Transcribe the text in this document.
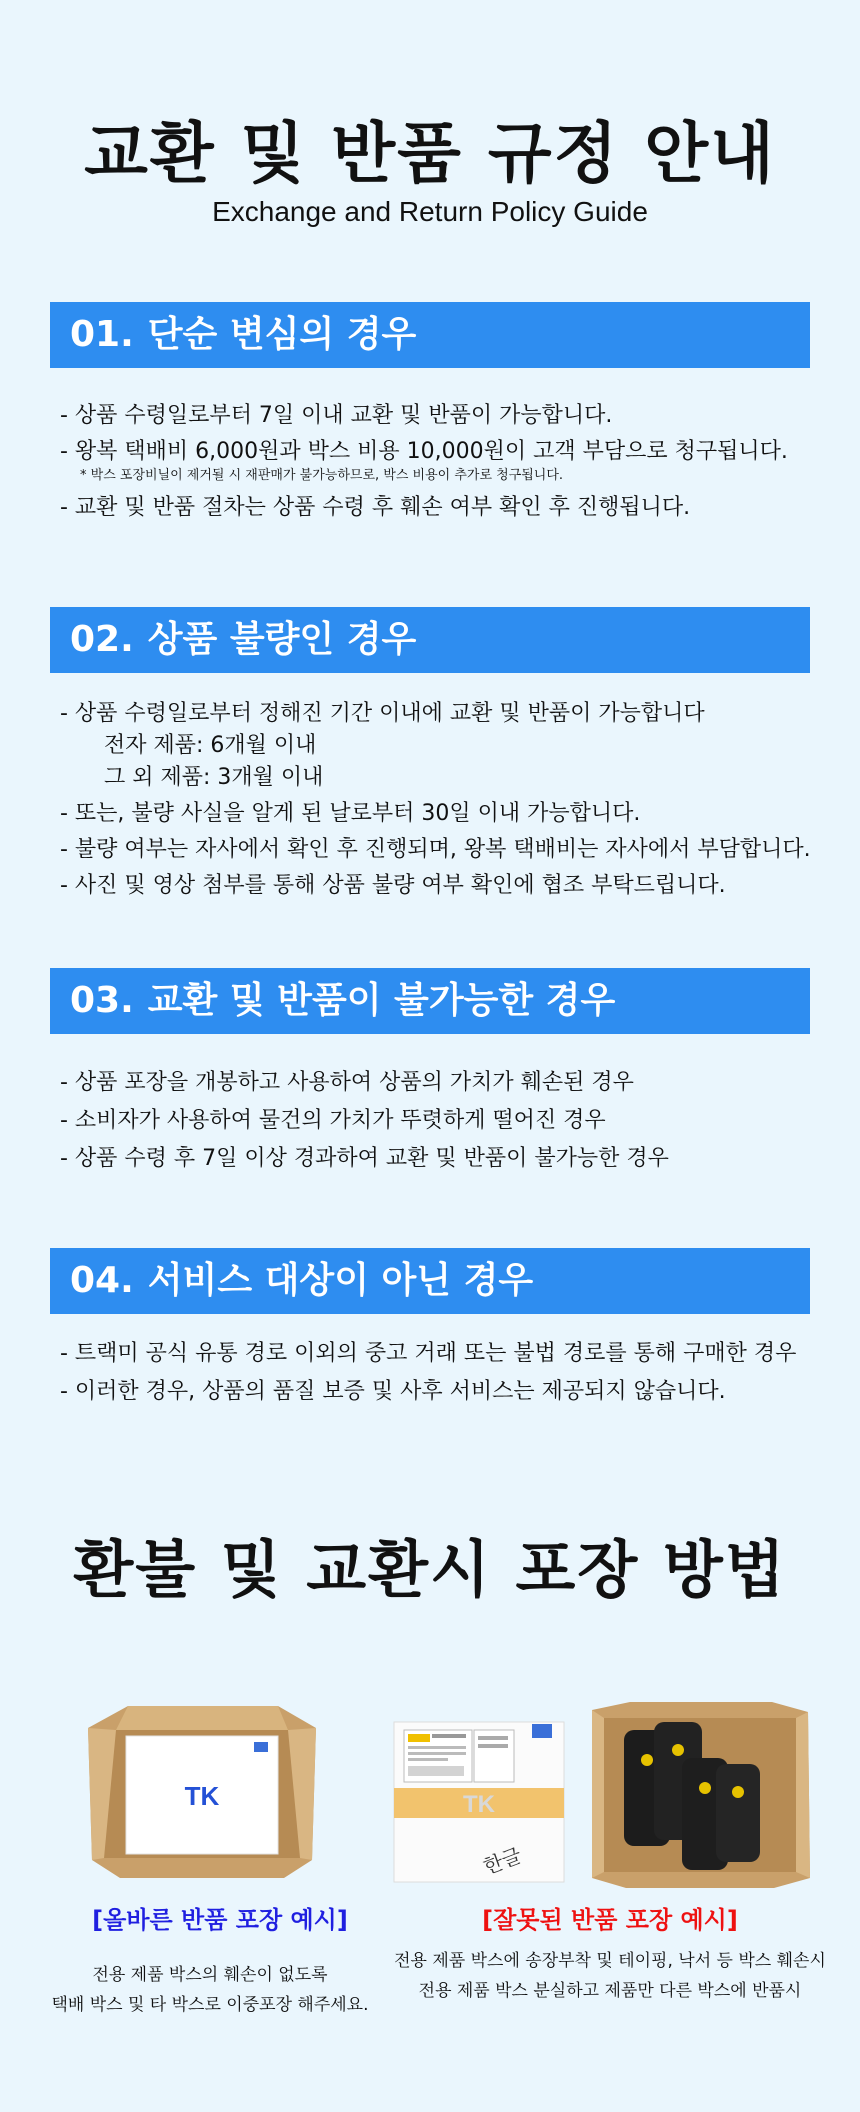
교환 및 반품 규정 안내

Exchange and Return Policy Guide

01. 단순 변심의 경우
- 상품 수령일로부터 7일 이내 교환 및 반품이 가능합니다.
- 왕복 택배비 6,000원과 박스 비용 10,000원이 고객 부담으로 청구됩니다.
* 박스 포장비닐이 제거될 시 재판매가 불가능하므로, 박스 비용이 추가로 청구됩니다.
- 교환 및 반품 절차는 상품 수령 후 훼손 여부 확인 후 진행됩니다.
02. 상품 불량인 경우
- 상품 수령일로부터 정해진 기간 이내에 교환 및 반품이 가능합니다
전자 제품: 6개월 이내
그 외 제품: 3개월 이내
- 또는, 불량 사실을 알게 된 날로부터 30일 이내 가능합니다.
- 불량 여부는 자사에서 확인 후 진행되며, 왕복 택배비는 자사에서 부담합니다.
- 사진 및 영상 첨부를 통해 상품 불량 여부 확인에 협조 부탁드립니다.
03. 교환 및 반품이 불가능한 경우
- 상품 포장을 개봉하고 사용하여 상품의 가치가 훼손된 경우
- 소비자가 사용하여 물건의 가치가 뚜렷하게 떨어진 경우
- 상품 수령 후 7일 이상 경과하여 교환 및 반품이 불가능한 경우
04. 서비스 대상이 아닌 경우
- 트랙미 공식 유통 경로 이외의 중고 거래 또는 불법 경로를 통해 구매한 경우
- 이러한 경우, 상품의 품질 보증 및 사후 서비스는 제공되지 않습니다.
환불 및 교환시 포장 방법
TK	TK
한글
[올바른 반품 포장 예시]	[잘못된 반품 포장 예시]
전용 제품 박스의 훼손이 없도록
택배 박스 및 타 박스로 이중포장 해주세요.
전용 제품 박스에 송장부착 및 테이핑, 낙서 등 박스 훼손시
전용 제품 박스 분실하고 제품만 다른 박스에 반품시
